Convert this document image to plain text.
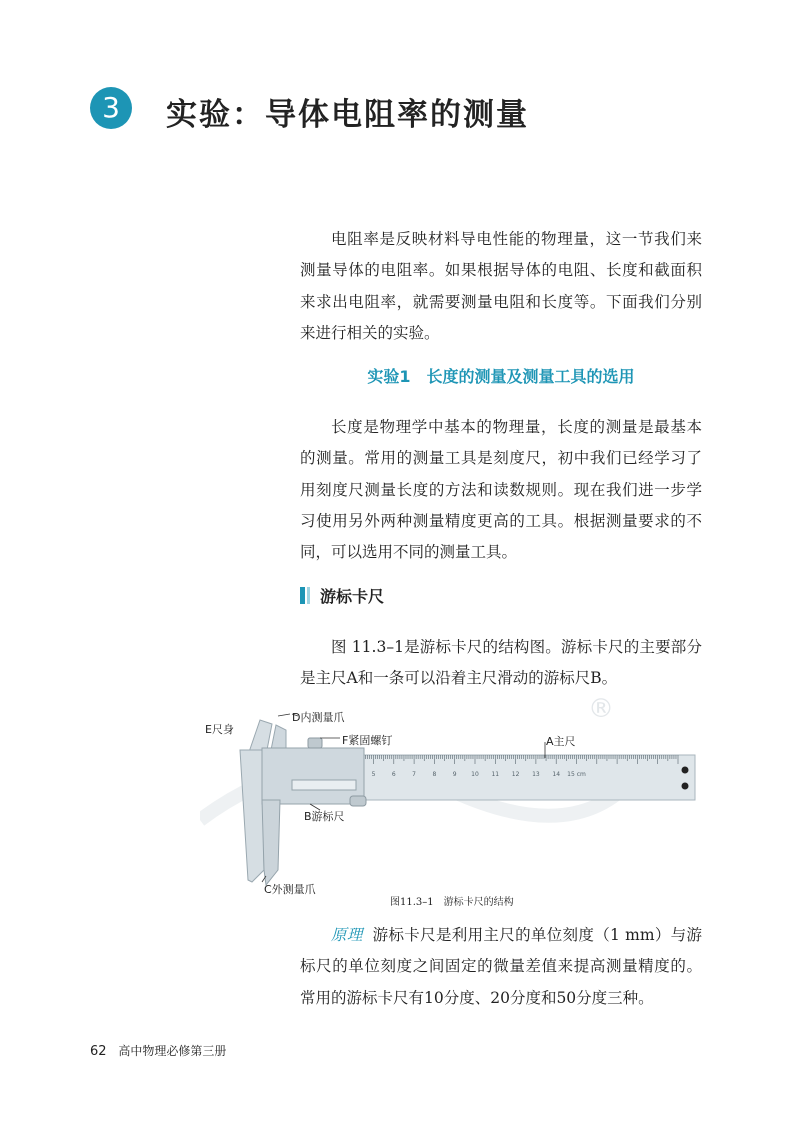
3	实验：导体电阻率的测量

电阻率是反映材料导电性能的物理量，这一节我们来测量导体的电阻率。如果根据导体的电阻、长度和截面积来求出电阻率，就需要测量电阻和长度等。下面我们分别来进行相关的实验。

实验1　长度的测量及测量工具的选用

长度是物理学中基本的物理量，长度的测量是最基本的测量。常用的测量工具是刻度尺，初中我们已经学习了用刻度尺测量长度的方法和读数规则。现在我们进一步学习使用另外两种测量精度更高的工具。根据测量要求的不同，可以选用不同的测量工具。

游标卡尺

图 11.3–1是游标卡尺的结构图。游标卡尺的主要部分是主尺A和一条可以沿着主尺滑动的游标尺B。

5	6	7	8	9 10 11 12 13 14 15 cm
E尺身
D内测量爪
F紧固螺钉	A主尺
B游标尺
C外测量爪
®
图11.3–1　游标卡尺的结构

原理 游标卡尺是利用主尺的单位刻度（1 mm）与游标尺的单位刻度之间固定的微量差值来提高测量精度的。常用的游标卡尺有10分度、20分度和50分度三种。

62 高中物理必修第三册
